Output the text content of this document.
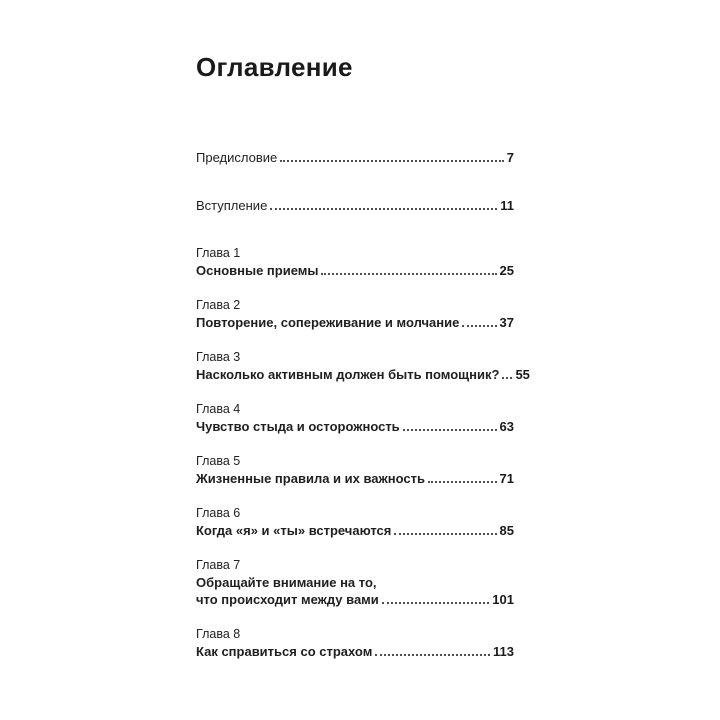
Оглавление
Предисловие	7
Вступление	11
Глава 1
Основные приемы	25
Глава 2
Повторение, сопереживание и молчание	37
Глава 3
Насколько активным должен быть помощник? 55
Глава 4
Чувство стыда и осторожность	63
Глава 5
Жизненные правила и их важность	71
Глава 6
Когда «я» и «ты» встречаются	85
Глава 7
Обращайте внимание на то,
что происходит между вами	101
Глава 8
Как справиться со страхом	113
